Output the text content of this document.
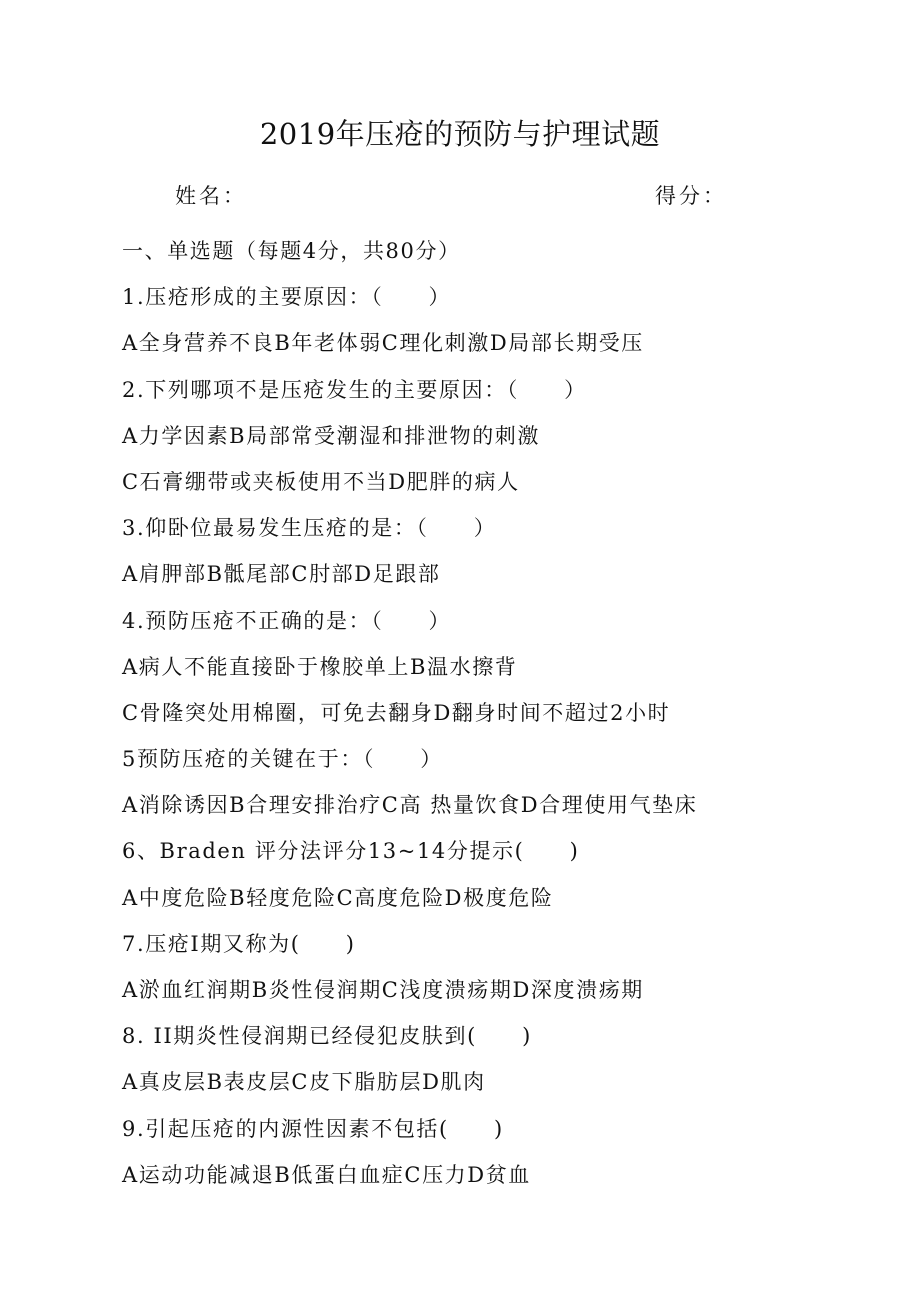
2019年压疮的预防与护理试题
姓名：	得分：
一、单选题（每题4分，共80分）
1.压疮形成的主要原因：（　　）
A全身营养不良B年老体弱C理化刺激D局部长期受压
2.下列哪项不是压疮发生的主要原因：（　　）
A力学因素B局部常受潮湿和排泄物的刺激
C石膏绷带或夹板使用不当D肥胖的病人
3.仰卧位最易发生压疮的是：（　　）
A肩胛部B骶尾部C肘部D足跟部
4.预防压疮不正确的是：（　　）
A病人不能直接卧于橡胶单上B温水擦背
C骨隆突处用棉圈，可免去翻身D翻身时间不超过2小时
5预防压疮的关键在于：（　　）
A消除诱因B合理安排治疗C高 热量饮食D合理使用气垫床
6、Braden 评分法评分13~14分提示(　　)
A中度危险B轻度危险C高度危险D极度危险
7.压疮I期又称为(　　)
A淤血红润期B炎性侵润期C浅度溃疡期D深度溃疡期
8. II期炎性侵润期已经侵犯皮肤到(　　)
A真皮层B表皮层C皮下脂肪层D肌肉
9.引起压疮的内源性因素不包括(　　)
A运动功能减退B低蛋白血症C压力D贫血
